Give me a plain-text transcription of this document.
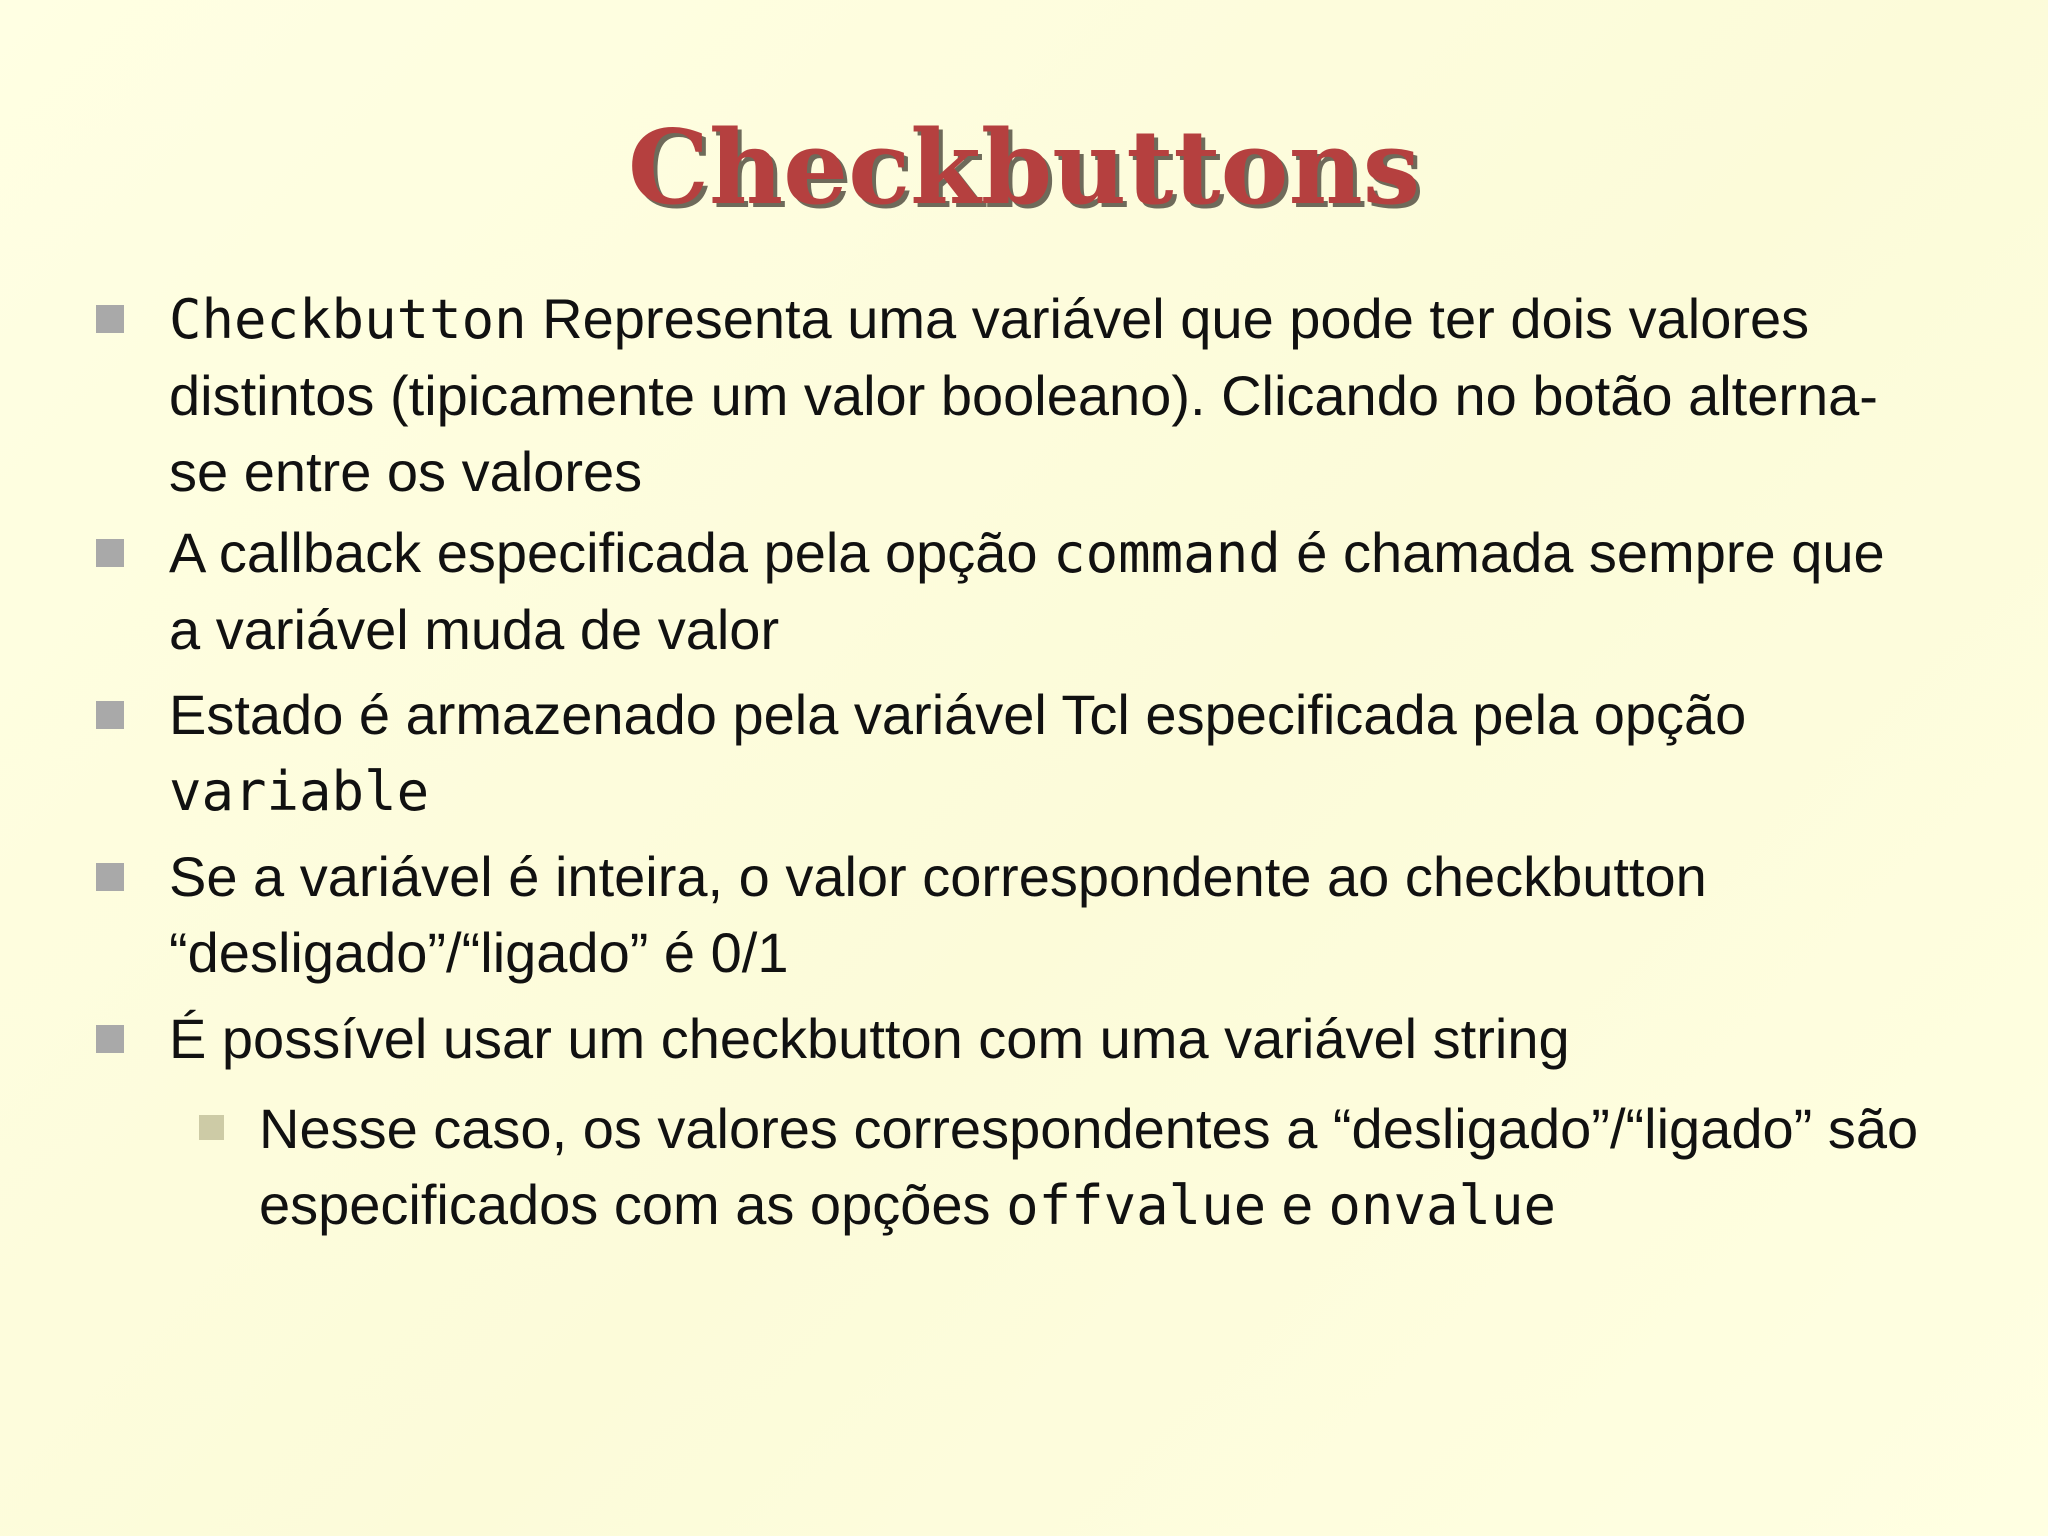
Checkbuttons
Checkbutton Representa uma variável que pode ter dois valores distintos (tipicamente um valor booleano). Clicando no botão alterna-se entre os valores
A callback especificada pela opção command é chamada sempre que a variável muda de valor
Estado é armazenado pela variável Tcl especificada pela opção variable
Se a variável é inteira, o valor correspondente ao checkbutton “desligado”/“ligado” é 0/1
É possível usar um checkbutton com uma variável string
Nesse caso, os valores correspondentes a “desligado”/“ligado” são especificados com as opções offvalue e onvalue
